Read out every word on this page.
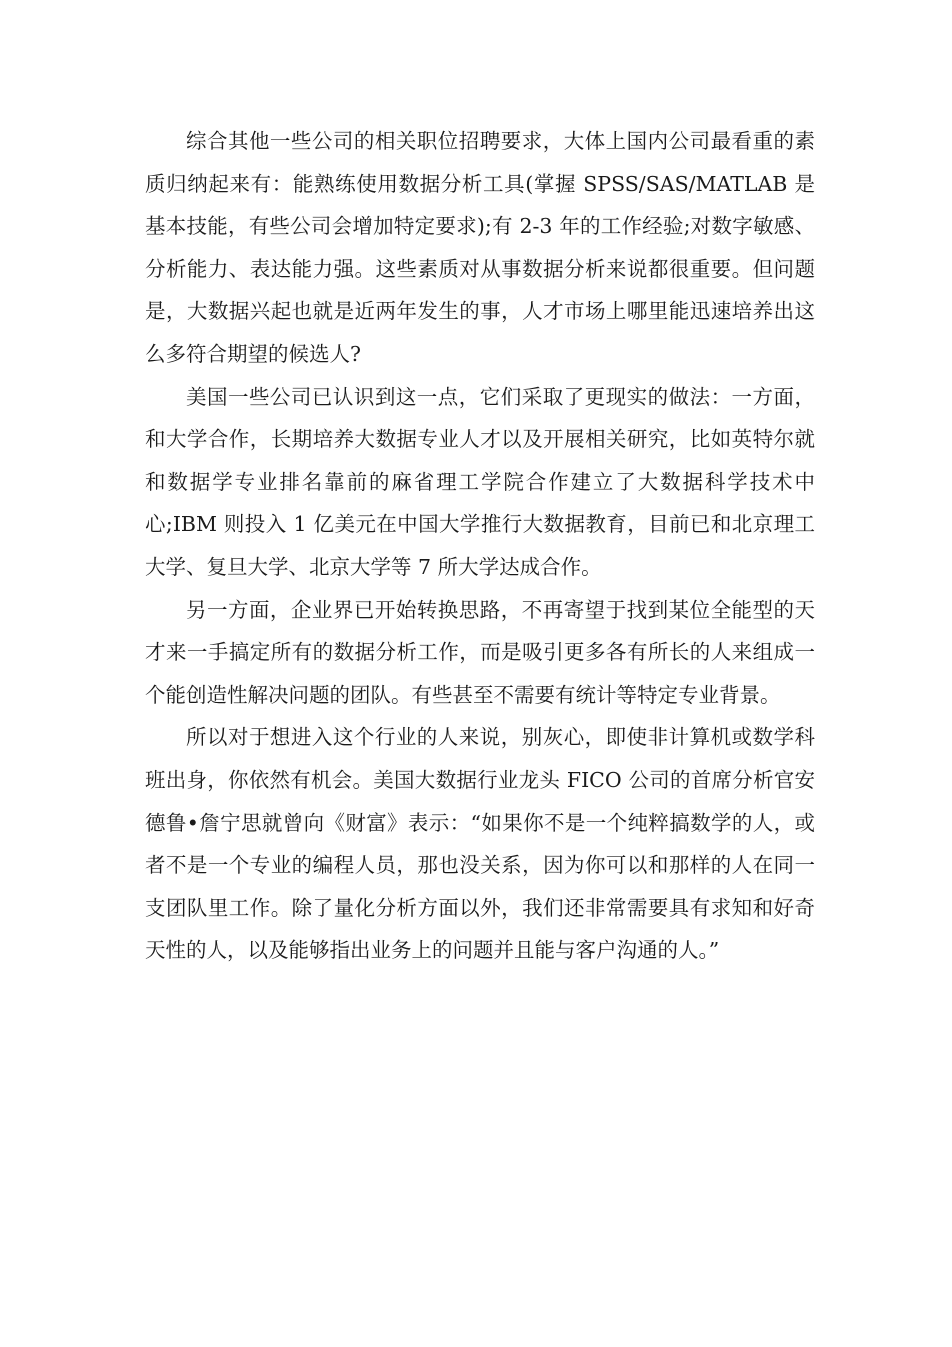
综合其他一些公司的相关职位招聘要求，大体上国内公司最看重的素质归纳起来有：能熟练使用数据分析工具(掌握 SPSS/SAS/MATLAB 是基本技能，有些公司会增加特定要求);有 2-3 年的工作经验;对数字敏感、分析能力、表达能力强。这些素质对从事数据分析来说都很重要。但问题是，大数据兴起也就是近两年发生的事，人才市场上哪里能迅速培养出这么多符合期望的候选人?

美国一些公司已认识到这一点，它们采取了更现实的做法：一方面，和大学合作，长期培养大数据专业人才以及开展相关研究，比如英特尔就和数据学专业排名靠前的麻省理工学院合作建立了大数据科学技术中心;IBM 则投入 1 亿美元在中国大学推行大数据教育，目前已和北京理工大学、复旦大学、北京大学等 7 所大学达成合作。

另一方面，企业界已开始转换思路，不再寄望于找到某位全能型的天才来一手搞定所有的数据分析工作，而是吸引更多各有所长的人来组成一个能创造性解决问题的团队。有些甚至不需要有统计等特定专业背景。

所以对于想进入这个行业的人来说，别灰心，即使非计算机或数学科班出身，你依然有机会。美国大数据行业龙头 FICO 公司的首席分析官安德鲁•詹宁思就曾向《财富》表示：“如果你不是一个纯粹搞数学的人，或者不是一个专业的编程人员，那也没关系，因为你可以和那样的人在同一支团队里工作。除了量化分析方面以外，我们还非常需要具有求知和好奇天性的人，以及能够指出业务上的问题并且能与客户沟通的人。”
